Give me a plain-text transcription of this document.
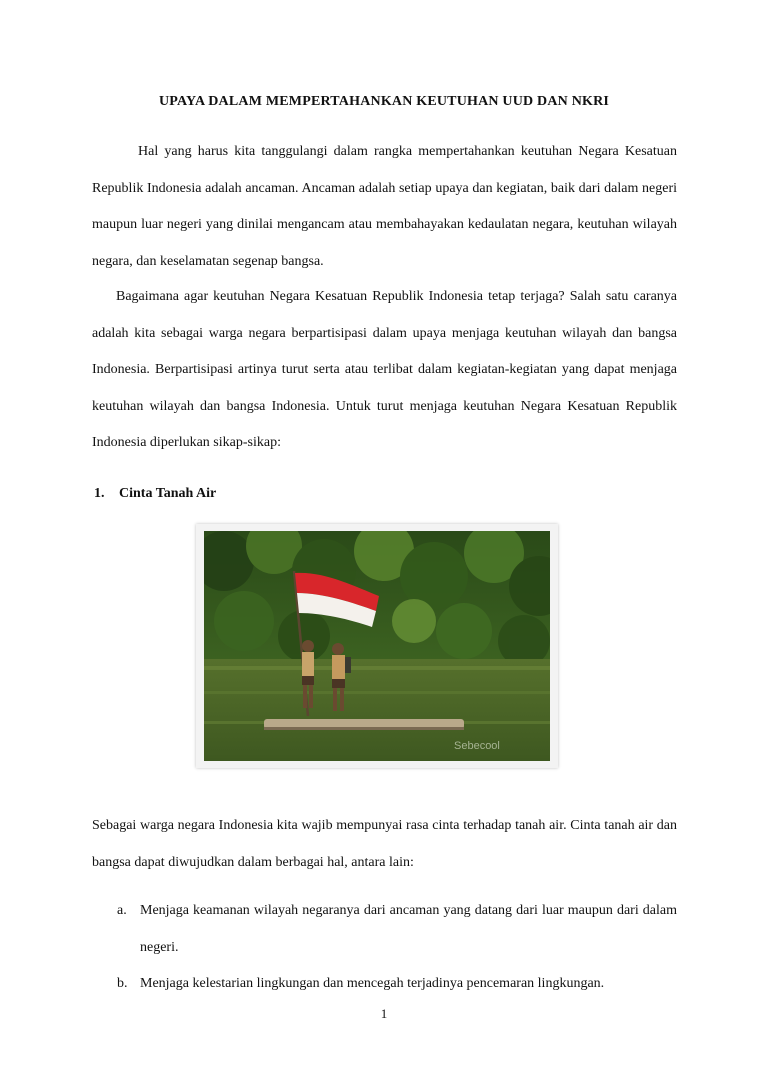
UPAYA DALAM MEMPERTAHANKAN KEUTUHAN UUD DAN NKRI
Hal yang harus kita tanggulangi dalam rangka mempertahankan keutuhan Negara Kesatuan Republik Indonesia adalah ancaman. Ancaman adalah setiap upaya dan kegiatan, baik dari dalam negeri maupun luar negeri yang dinilai mengancam atau membahayakan kedaulatan negara, keutuhan wilayah negara, dan keselamatan segenap bangsa.
Bagaimana agar keutuhan Negara Kesatuan Republik Indonesia tetap terjaga? Salah satu caranya adalah kita sebagai warga negara berpartisipasi dalam upaya menjaga keutuhan wilayah dan bangsa Indonesia. Berpartisipasi artinya turut serta atau terlibat dalam kegiatan-kegiatan yang dapat menjaga keutuhan wilayah dan bangsa Indonesia. Untuk turut menjaga keutuhan Negara Kesatuan Republik Indonesia diperlukan sikap-sikap:
1. Cinta Tanah Air
Sebecool
Sebagai warga negara Indonesia kita wajib mempunyai rasa cinta terhadap tanah air. Cinta tanah air dan bangsa dapat diwujudkan dalam berbagai hal, antara lain:
a. Menjaga keamanan wilayah negaranya dari ancaman yang datang dari luar maupun dari dalam negeri.
b. Menjaga kelestarian lingkungan dan mencegah terjadinya pencemaran lingkungan.
1
